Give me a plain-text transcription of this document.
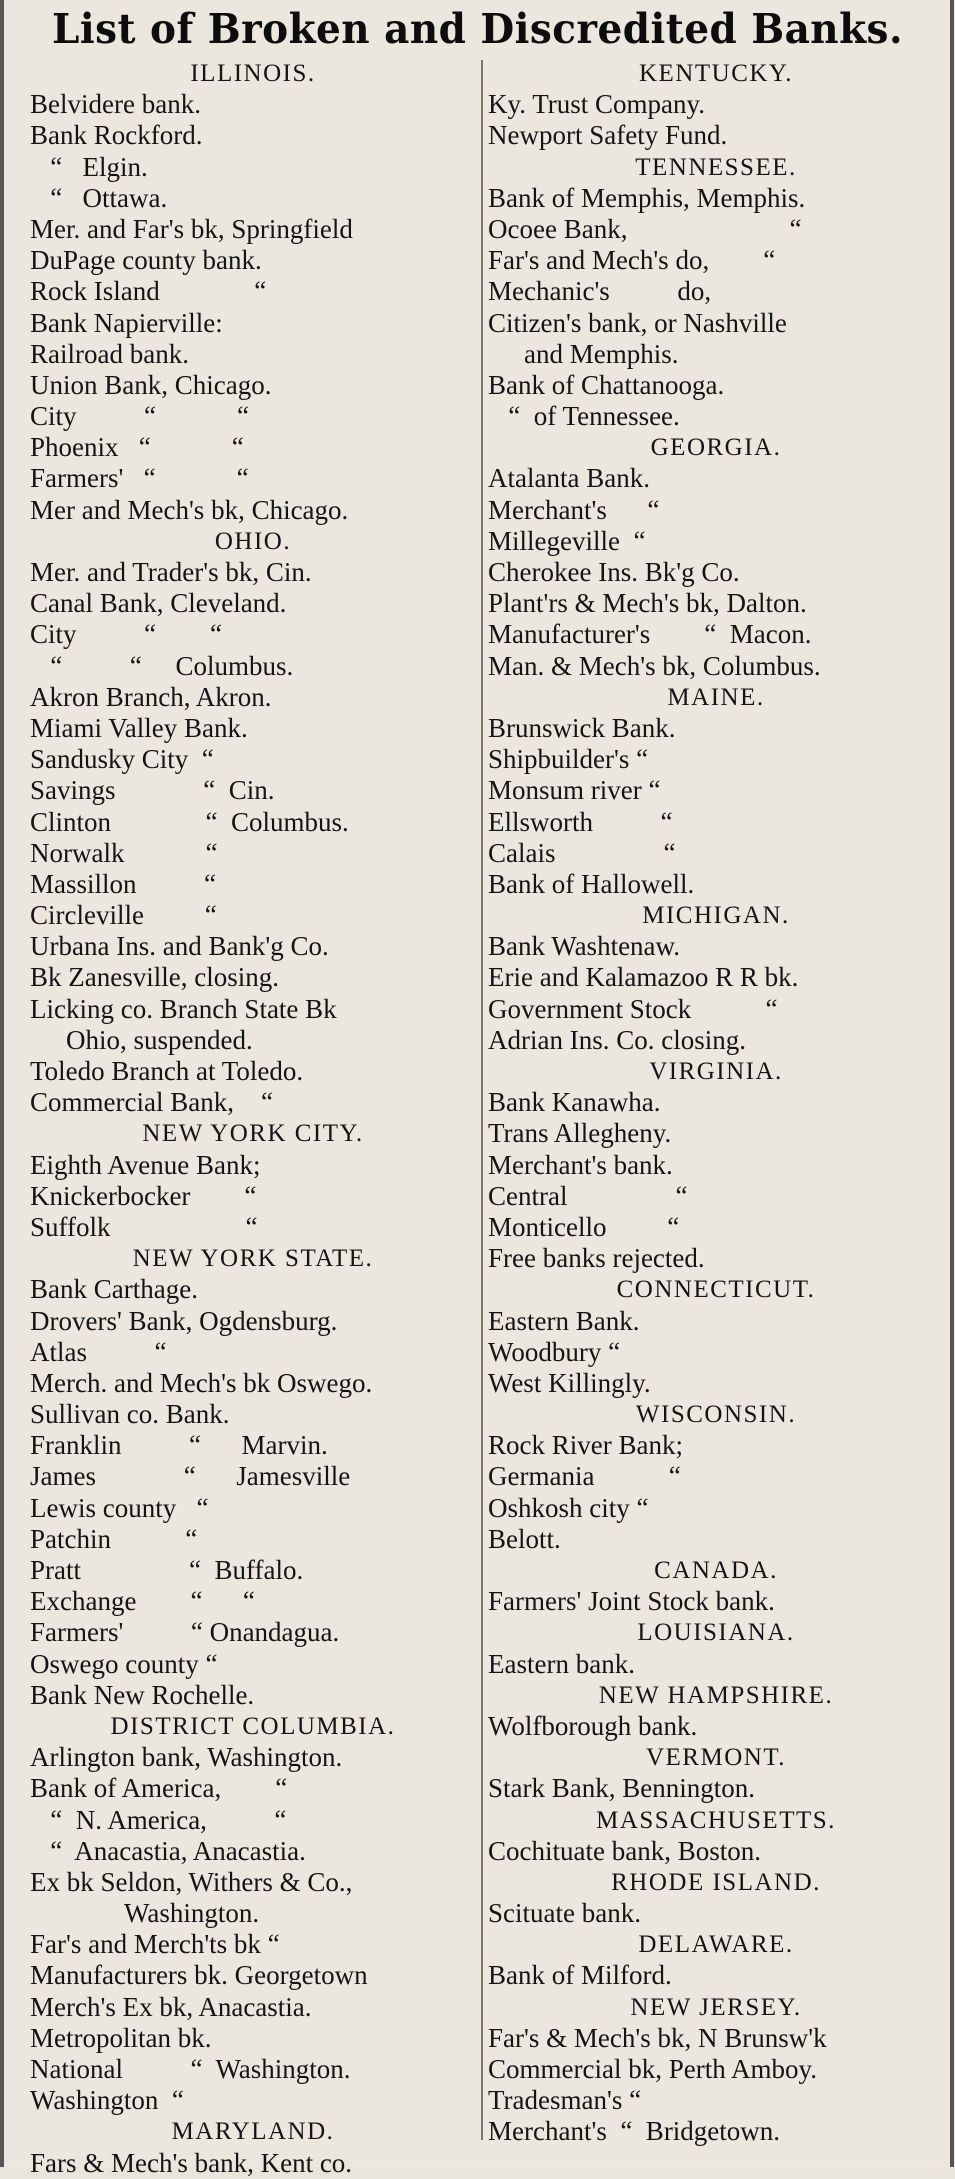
List of Broken and Discredited Banks.
ILLINOIS.
Belvidere bank.
Bank Rockford.
“   Elgin.
“   Ottawa.
Mer. and Far's bk, Springfield
DuPage county bank.
Rock Island              “
Bank Napierville:
Railroad bank.
Union Bank, Chicago.
City          “            “
Phoenix   “            “
Farmers'   “            “
Mer and Mech's bk, Chicago.
OHIO.
Mer. and Trader's bk, Cin.
Canal Bank, Cleveland.
City          “        “
“          “     Columbus.
Akron Branch, Akron.
Miami Valley Bank.
Sandusky City  “
Savings             “  Cin.
Clinton              “  Columbus.
Norwalk            “
Massillon          “
Circleville         “
Urbana Ins. and Bank'g Co.
Bk Zanesville, closing.
Licking co. Branch State Bk
Ohio, suspended.
Toledo Branch at Toledo.
Commercial Bank,    “
NEW YORK CITY.
Eighth Avenue Bank;
Knickerbocker        “
Suffolk                    “
NEW YORK STATE.
Bank Carthage.
Drovers' Bank, Ogdensburg.
Atlas          “
Merch. and Mech's bk Oswego.
Sullivan co. Bank.
Franklin          “      Marvin.
James             “      Jamesville
Lewis county   “
Patchin           “
Pratt                “  Buffalo.
Exchange        “      “
Farmers'          “ Onandagua.
Oswego county “
Bank New Rochelle.
DISTRICT COLUMBIA.
Arlington bank, Washington.
Bank of America,        “
“  N. America,          “
“  Anacastia, Anacastia.
Ex bk Seldon, Withers & Co.,
Washington.
Far's and Merch'ts bk “
Manufacturers bk. Georgetown
Merch's Ex bk, Anacastia.
Metropolitan bk.
National          “  Washington.
Washington  “
MARYLAND.
Fars & Mech's bank, Kent co.
KENTUCKY.
Ky. Trust Company.
Newport Safety Fund.
TENNESSEE.
Bank of Memphis, Memphis.
Ocoee Bank,                        “
Far's and Mech's do,        “
Mechanic's          do,
Citizen's bank, or Nashville
and Memphis.
Bank of Chattanooga.
“  of Tennessee.
GEORGIA.
Atalanta Bank.
Merchant's      “
Millegeville  “
Cherokee Ins. Bk'g Co.
Plant'rs & Mech's bk, Dalton.
Manufacturer's        “  Macon.
Man. & Mech's bk, Columbus.
MAINE.
Brunswick Bank.
Shipbuilder's “
Monsum river “
Ellsworth          “
Calais                “
Bank of Hallowell.
MICHIGAN.
Bank Washtenaw.
Erie and Kalamazoo R R bk.
Government Stock           “
Adrian Ins. Co. closing.
VIRGINIA.
Bank Kanawha.
Trans Allegheny.
Merchant's bank.
Central                “
Monticello         “
Free banks rejected.
CONNECTICUT.
Eastern Bank.
Woodbury “
West Killingly.
WISCONSIN.
Rock River Bank;
Germania           “
Oshkosh city “
Belott.
CANADA.
Farmers' Joint Stock bank.
LOUISIANA.
Eastern bank.
NEW HAMPSHIRE.
Wolfborough bank.
VERMONT.
Stark Bank, Bennington.
MASSACHUSETTS.
Cochituate bank, Boston.
RHODE ISLAND.
Scituate bank.
DELAWARE.
Bank of Milford.
NEW JERSEY.
Far's & Mech's bk, N Brunsw'k
Commercial bk, Perth Amboy.
Tradesman's “
Merchant's  “  Bridgetown.
